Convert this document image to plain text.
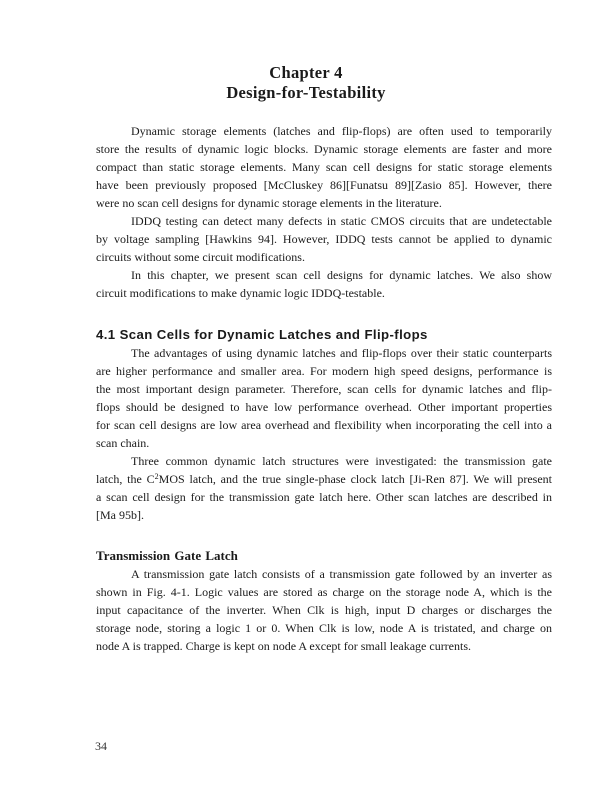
Chapter 4
Design-for-Testability
Dynamic storage elements (latches and flip-flops) are often used to temporarily
store the results of dynamic logic blocks. Dynamic storage elements are faster and more
compact than static storage elements. Many scan cell designs for static storage elements
have been previously proposed [McCluskey 86][Funatsu 89][Zasio 85]. However, there
were no scan cell designs for dynamic storage elements in the literature.
IDDQ testing can detect many defects in static CMOS circuits that are undetectable
by voltage sampling [Hawkins 94]. However, IDDQ tests cannot be applied to dynamic
circuits without some circuit modifications.
In this chapter, we present scan cell designs for dynamic latches. We also show
circuit modifications to make dynamic logic IDDQ-testable.
4.1 Scan Cells for Dynamic Latches and Flip-flops
The advantages of using dynamic latches and flip-flops over their static counterparts
are higher performance and smaller area. For modern high speed designs, performance is
the most important design parameter. Therefore, scan cells for dynamic latches and flip-
flops should be designed to have low performance overhead. Other important properties
for scan cell designs are low area overhead and flexibility when incorporating the cell into a
scan chain.
Three common dynamic latch structures were investigated: the transmission gate
latch, the $C^2MOS$ latch, and the true single-phase clock latch [Ji-Ren 87]. We will present
a scan cell design for the transmission gate latch here. Other scan latches are described in
[Ma 95b].
Transmission Gate Latch
A transmission gate latch consists of a transmission gate followed by an inverter as
shown in Fig. 4-1. Logic values are stored as charge on the storage node A, which is the
input capacitance of the inverter. When Clk is high, input D charges or discharges the
storage node, storing a logic 1 or 0. When Clk is low, node A is tristated, and charge on
node A is trapped. Charge is kept on node A except for small leakage currents.
34
